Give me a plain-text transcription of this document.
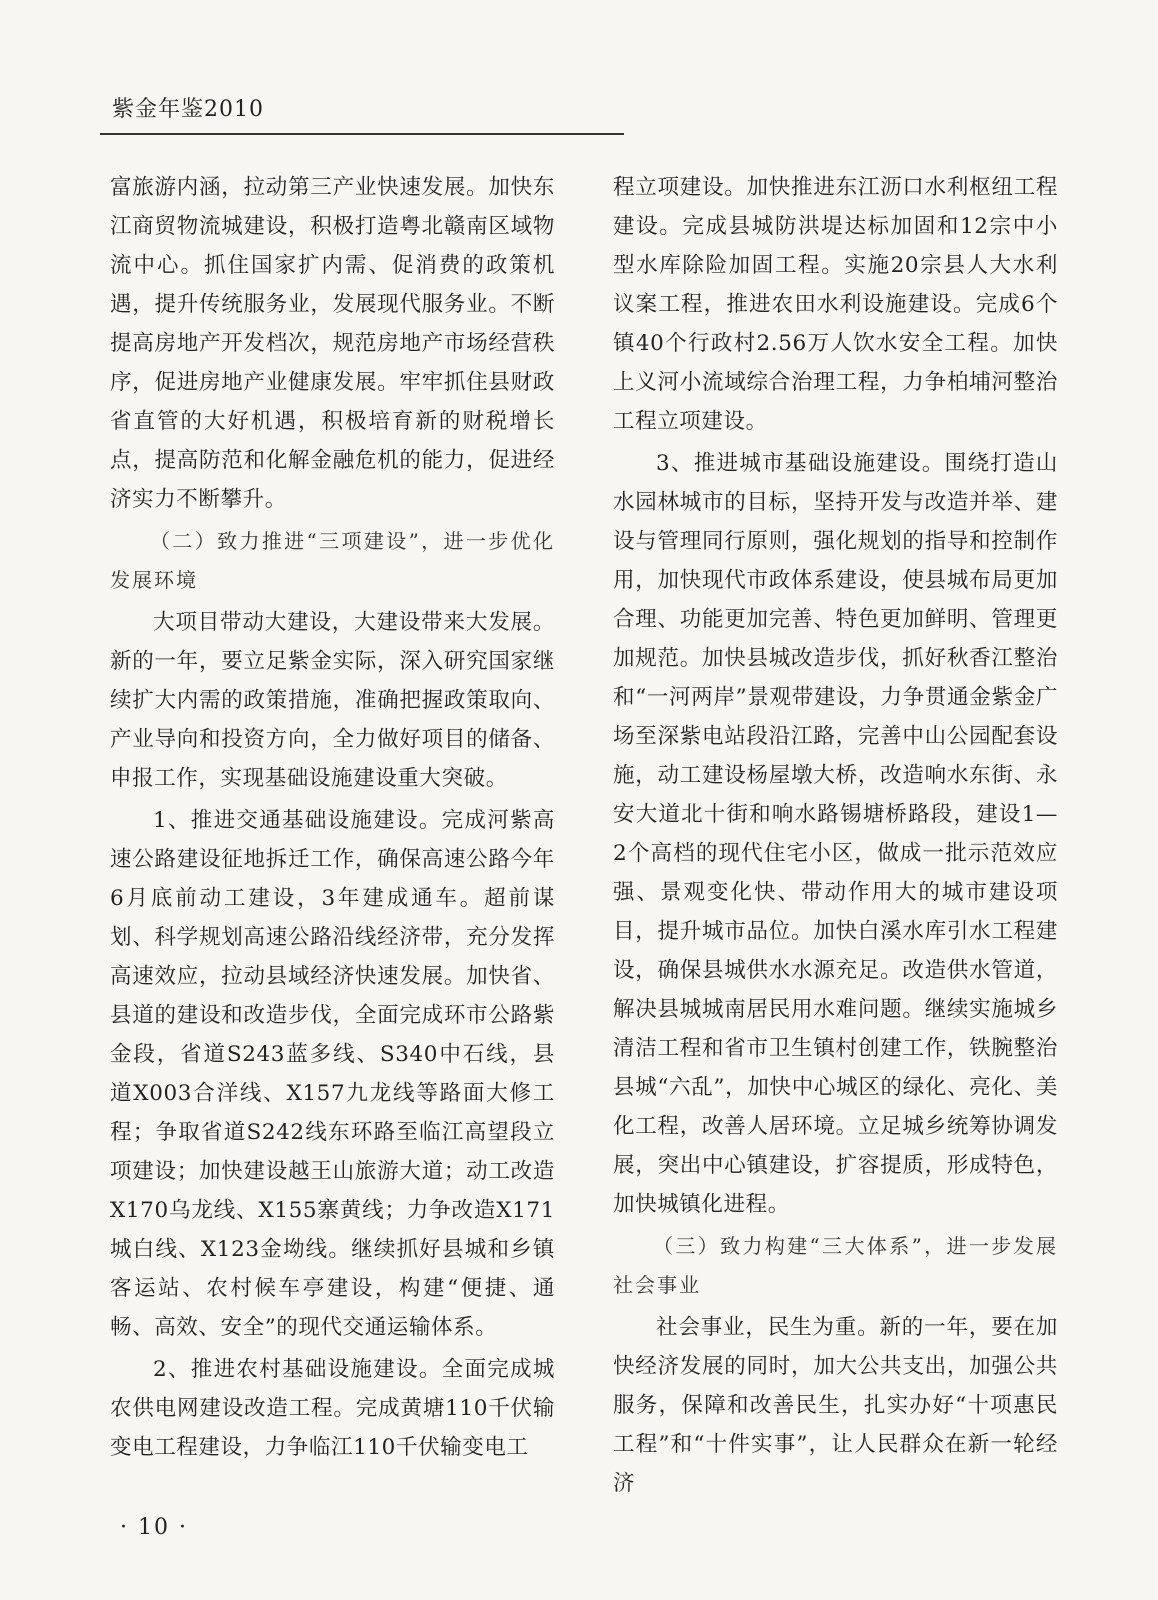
紫金年鉴2010

富旅游内涵，拉动第三产业快速发展。加快东江商贸物流城建设，积极打造粤北赣南区域物流中心。抓住国家扩内需、促消费的政策机遇，提升传统服务业，发展现代服务业。不断提高房地产开发档次，规范房地产市场经营秩序，促进房地产业健康发展。牢牢抓住县财政省直管的大好机遇，积极培育新的财税增长点，提高防范和化解金融危机的能力，促进经济实力不断攀升。

（二）致力推进“三项建设”，进一步优化发展环境

大项目带动大建设，大建设带来大发展。新的一年，要立足紫金实际，深入研究国家继续扩大内需的政策措施，准确把握政策取向、产业导向和投资方向，全力做好项目的储备、申报工作，实现基础设施建设重大突破。

1、推进交通基础设施建设。完成河紫高速公路建设征地拆迁工作，确保高速公路今年6月底前动工建设，3年建成通车。超前谋划、科学规划高速公路沿线经济带，充分发挥高速效应，拉动县域经济快速发展。加快省、县道的建设和改造步伐，全面完成环市公路紫金段，省道S243蓝多线、S340中石线，县道X003合洋线、X157九龙线等路面大修工程；争取省道S242线东环路至临江高望段立项建设；加快建设越王山旅游大道；动工改造X170乌龙线、X155寨黄线；力争改造X171城白线、X123金坳线。继续抓好县城和乡镇客运站、农村候车亭建设，构建“便捷、通畅、高效、安全”的现代交通运输体系。

2、推进农村基础设施建设。全面完成城农供电网建设改造工程。完成黄塘110千伏输变电工程建设，力争临江110千伏输变电工

程立项建设。加快推进东江沥口水利枢纽工程建设。完成县城防洪堤达标加固和12宗中小型水库除险加固工程。实施20宗县人大水利议案工程，推进农田水利设施建设。完成6个镇40个行政村2.56万人饮水安全工程。加快上义河小流域综合治理工程，力争柏埔河整治工程立项建设。

3、推进城市基础设施建设。围绕打造山水园林城市的目标，坚持开发与改造并举、建设与管理同行原则，强化规划的指导和控制作用，加快现代市政体系建设，使县城布局更加合理、功能更加完善、特色更加鲜明、管理更加规范。加快县城改造步伐，抓好秋香江整治和“一河两岸”景观带建设，力争贯通金紫金广场至深紫电站段沿江路，完善中山公园配套设施，动工建设杨屋墩大桥，改造响水东街、永安大道北十街和响水路锡塘桥路段，建设1—2个高档的现代住宅小区，做成一批示范效应强、景观变化快、带动作用大的城市建设项目，提升城市品位。加快白溪水库引水工程建设，确保县城供水水源充足。改造供水管道，解决县城城南居民用水难问题。继续实施城乡清洁工程和省市卫生镇村创建工作，铁腕整治县城“六乱”，加快中心城区的绿化、亮化、美化工程，改善人居环境。立足城乡统筹协调发展，突出中心镇建设，扩容提质，形成特色，加快城镇化进程。

（三）致力构建“三大体系”，进一步发展社会事业

社会事业，民生为重。新的一年，要在加快经济发展的同时，加大公共支出，加强公共服务，保障和改善民生，扎实办好“十项惠民工程”和“十件实事”，让人民群众在新一轮经济

· 10 ·
